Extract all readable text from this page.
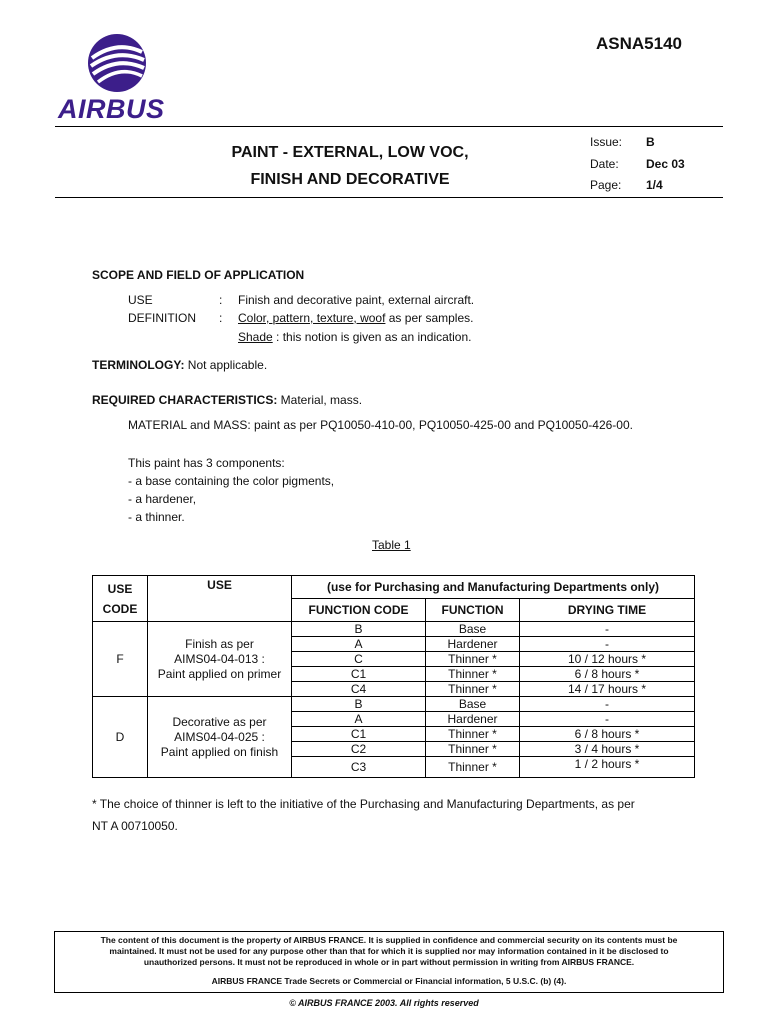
AIRBUS
ASNA5140
PAINT - EXTERNAL, LOW VOC,
FINISH AND DECORATIVE
Issue: B
Date: Dec 03
Page: 1/4
SCOPE AND FIELD OF APPLICATION
USE	: Finish and decorative paint, external aircraft.
DEFINITION : Color, pattern, texture, woof as per samples.
Shade : this notion is given as an indication.
TERMINOLOGY: Not applicable.
REQUIRED CHARACTERISTICS: Material, mass.
MATERIAL and MASS: paint as per PQ10050-410-00, PQ10050-425-00 and PQ10050-426-00.
This paint has 3 components:
- a base containing the color pigments,
- a hardener,
- a thinner.
Table 1
USE
CODE	USE	(use for Purchasing and Manufacturing Departments only)		
		FUNCTION CODE	FUNCTION	DRYING TIME
F	Finish as per
AIMS04-04-013 :
Paint applied on primer	B	Base	-
		A	Hardener	-
		C	Thinner *	10 / 12 hours *
		C1	Thinner *	6 / 8 hours *
		C4	Thinner *	14 / 17 hours *
D	Decorative as per
AIMS04-04-025 :
Paint applied on finish	B	Base	-
		A	Hardener	-
		C1	Thinner *	6 / 8 hours *
		C2	Thinner *	3 / 4 hours *
		C3	Thinner *	1 / 2 hours *
* The choice of thinner is left to the initiative of the Purchasing and Manufacturing Departments, as per
NT A 00710050.
The content of this document is the property of AIRBUS FRANCE. It is supplied in confidence and commercial security on its contents must be
maintained. It must not be used for any purpose other than that for which it is supplied nor may information contained in it be disclosed to
unauthorized persons. It must not be reproduced in whole or in part without permission in writing from AIRBUS FRANCE.
AIRBUS FRANCE Trade Secrets or Commercial or Financial information, 5 U.S.C. (b) (4).
© AIRBUS FRANCE 2003. All rights reserved
